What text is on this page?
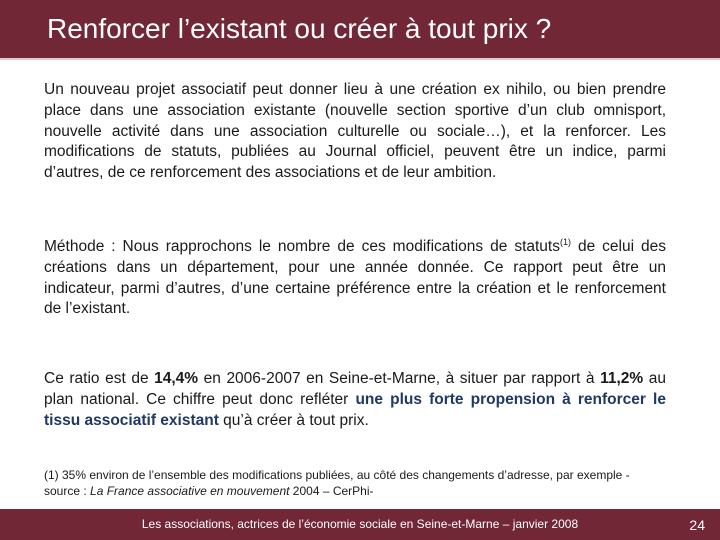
Renforcer l’existant ou créer à tout prix ?

Un nouveau projet associatif peut donner lieu à une création ex nihilo, ou bien prendre place dans une association existante (nouvelle section sportive d’un club omnisport, nouvelle activité dans une association culturelle ou sociale…), et la renforcer. Les modifications de statuts, publiées au Journal officiel, peuvent être un indice, parmi d’autres, de ce renforcement des associations et de leur ambition.

Méthode : Nous rapprochons le nombre de ces modifications de statuts$^{(1)}$ de celui des créations dans un département, pour une année donnée. Ce rapport peut être un indicateur, parmi d’autres, d’une certaine préférence entre la création et le renforcement de l’existant.

Ce ratio est de 14,4% en 2006-2007 en Seine-et-Marne, à situer par rapport à 11,2% au plan national. Ce chiffre peut donc refléter une plus forte propension à renforcer le tissu associatif existant qu’à créer à tout prix.

(1) 35% environ de l’ensemble des modifications publiées, au côté des changements d’adresse, par exemple - source : La France associative en mouvement 2004 – CerPhi-
Les associations, actrices de l’économie sociale en Seine-et-Marne – janvier 2008	24
